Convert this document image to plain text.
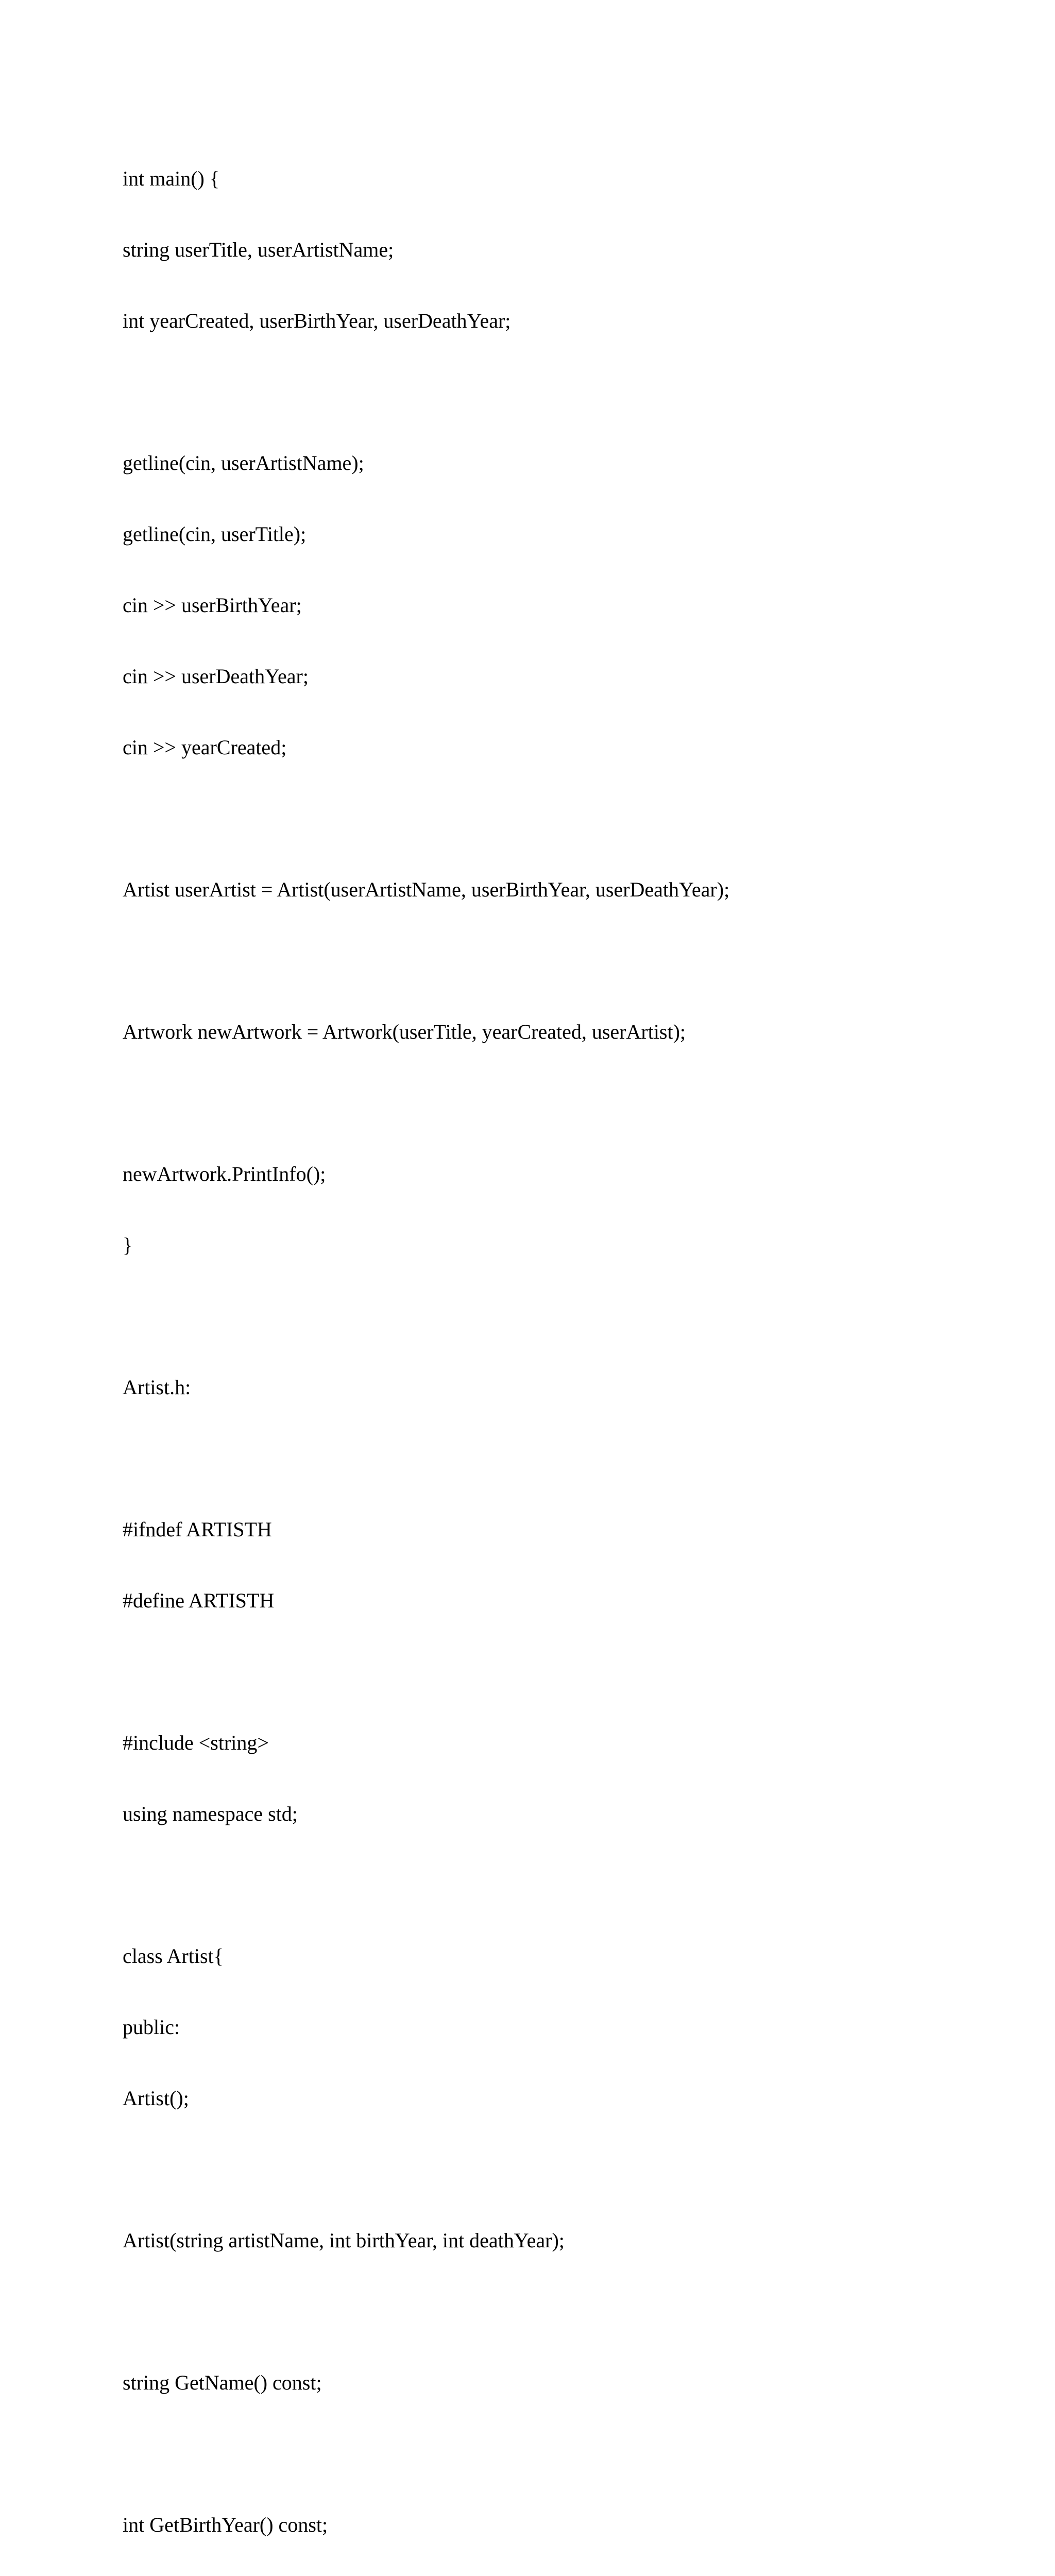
int main() {

string userTitle, userArtistName;

int yearCreated, userBirthYear, userDeathYear;

getline(cin, userArtistName);

getline(cin, userTitle);

cin >> userBirthYear;

cin >> userDeathYear;

cin >> yearCreated;

Artist userArtist = Artist(userArtistName, userBirthYear, userDeathYear);

Artwork newArtwork = Artwork(userTitle, yearCreated, userArtist);

newArtwork.PrintInfo();

}

Artist.h:

#ifndef ARTISTH

#define ARTISTH

#include <string>

using namespace std;

class Artist{

public:

Artist();

Artist(string artistName, int birthYear, int deathYear);

string GetName() const;

int GetBirthYear() const;
